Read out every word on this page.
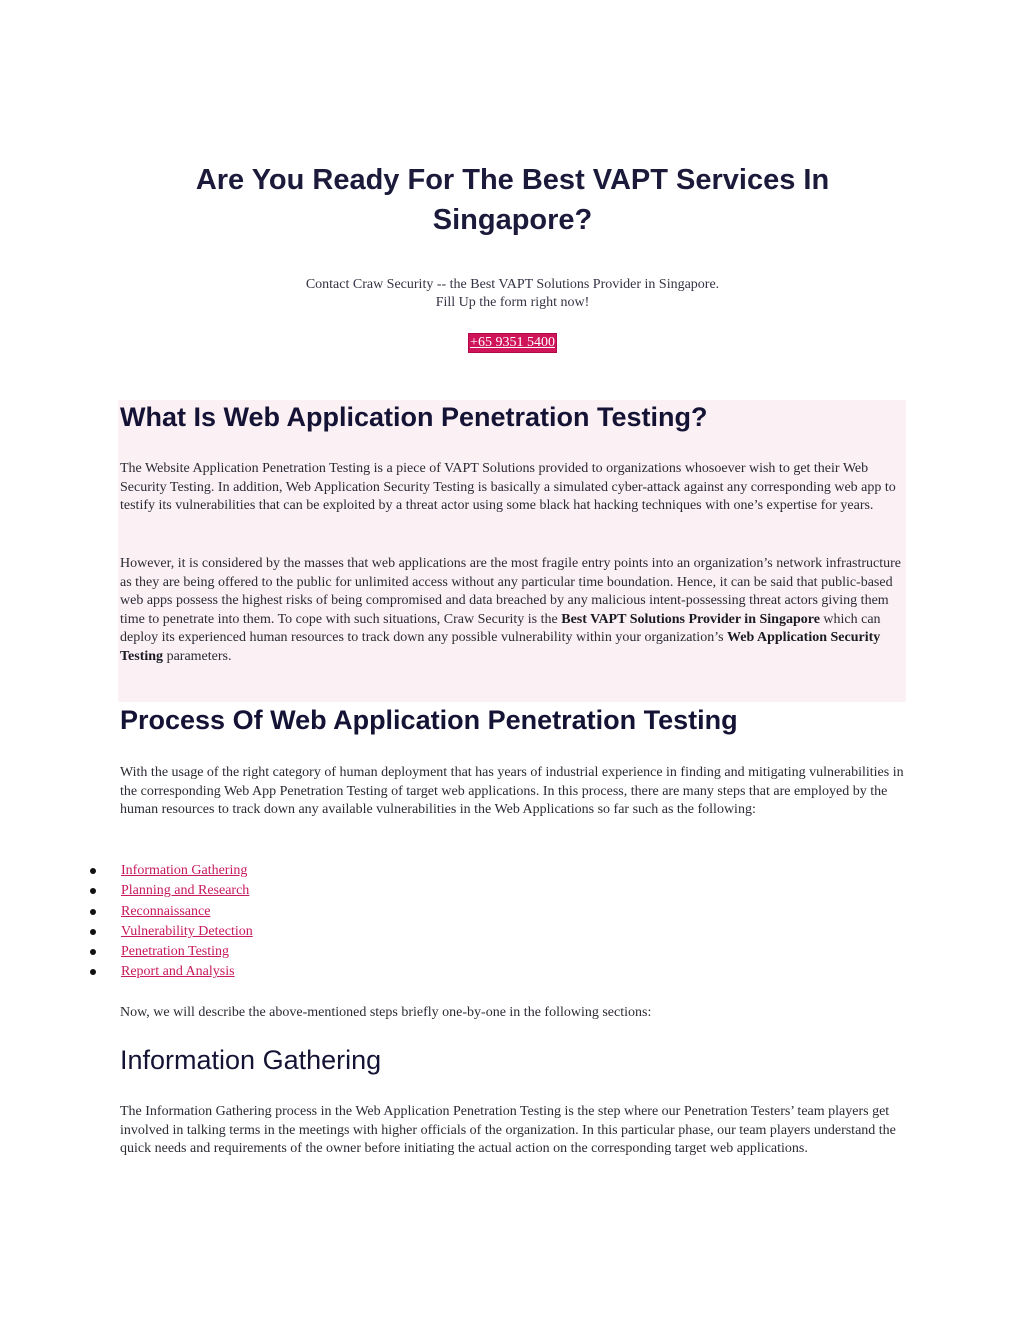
Are You Ready For The Best VAPT Services In Singapore?
Contact Craw Security -- the Best VAPT Solutions Provider in Singapore.
Fill Up the form right now!
+65 9351 5400
What Is Web Application Penetration Testing?

The Website Application Penetration Testing is a piece of VAPT Solutions provided to organizations whosoever wish to get their Web Security Testing. In addition, Web Application Security Testing is basically a simulated cyber-attack against any corresponding web app to testify its vulnerabilities that can be exploited by a threat actor using some black hat hacking techniques with one’s expertise for years.

However, it is considered by the masses that web applications are the most fragile entry points into an organization’s network infrastructure as they are being offered to the public for unlimited access without any particular time boundation. Hence, it can be said that public-based web apps possess the highest risks of being compromised and data breached by any malicious intent-possessing threat actors giving them time to penetrate into them. To cope with such situations, Craw Security is the Best VAPT Solutions Provider in Singapore which can deploy its experienced human resources to track down any possible vulnerability within your organization’s Web Application Security Testing parameters.

Process Of Web Application Penetration Testing

With the usage of the right category of human deployment that has years of industrial experience in finding and mitigating vulnerabilities in the corresponding Web App Penetration Testing of target web applications. In this process, there are many steps that are employed by the human resources to track down any available vulnerabilities in the Web Applications so far such as the following:

Information Gathering
Planning and Research
Reconnaissance
Vulnerability Detection
Penetration Testing
Report and Analysis

Now, we will describe the above-mentioned steps briefly one-by-one in the following sections:

Information Gathering

The Information Gathering process in the Web Application Penetration Testing is the step where our Penetration Testers’ team players get involved in talking terms in the meetings with higher officials of the organization. In this particular phase, our team players understand the quick needs and requirements of the owner before initiating the actual action on the corresponding target web applications.
